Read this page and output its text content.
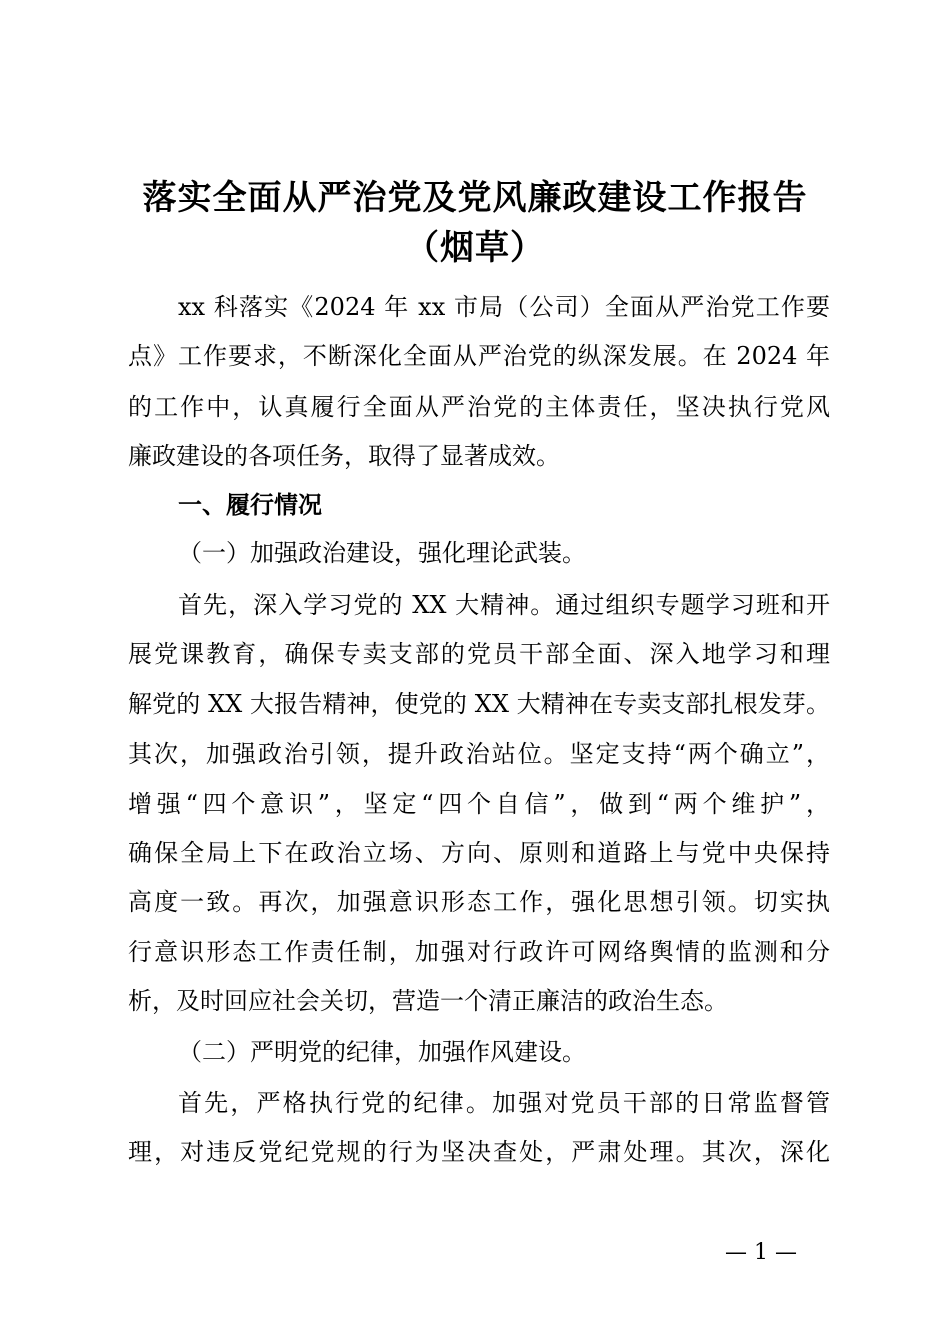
落实全面从严治党及党风廉政建设工作报告
（烟草）
xx 科落实《2024 年 xx 市局（公司）全面从严治党工作要
点》工作要求，不断深化全面从严治党的纵深发展。在 2024 年
的工作中，认真履行全面从严治党的主体责任，坚决执行党风
廉政建设的各项任务，取得了显著成效。
一、履行情况
（一）加强政治建设，强化理论武装。
首先，深入学习党的 XX 大精神。通过组织专题学习班和开
展党课教育，确保专卖支部的党员干部全面、深入地学习和理
解党的 XX 大报告精神，使党的 XX 大精神在专卖支部扎根发芽。
其次，加强政治引领，提升政治站位。坚定支持“两个确立”，
增强“四个意识”，坚定“四个自信”，做到“两个维护”，
确保全局上下在政治立场、方向、原则和道路上与党中央保持
高度一致。再次，加强意识形态工作，强化思想引领。切实执
行意识形态工作责任制，加强对行政许可网络舆情的监测和分
析，及时回应社会关切，营造一个清正廉洁的政治生态。
（二）严明党的纪律，加强作风建设。
首先，严格执行党的纪律。加强对党员干部的日常监督管
理，对违反党纪党规的行为坚决查处，严肃处理。其次，深化
— 1 —
